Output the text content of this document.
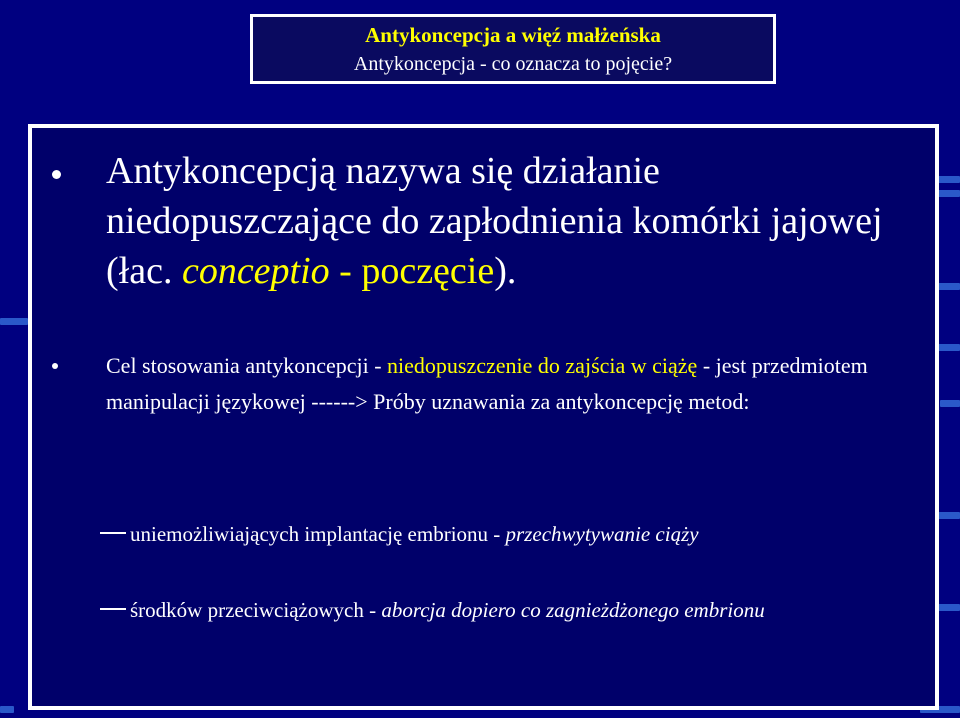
Antykoncepcja a więź małżeńska
Antykoncepcja - co oznacza to pojęcie?
Antykoncepcją nazywa się działanie niedopuszczające do zapłodnienia komórki jajowej (łac. conceptio - poczęcie).
Cel stosowania antykoncepcji - niedopuszczenie do zajścia w ciążę - jest przedmiotem manipulacji językowej ------> Próby uznawania za antykoncepcję metod:
uniemożliwiających implantację embrionu - przechwytywanie ciąży
środków przeciwciążowych - aborcja dopiero co zagnieżdżonego embrionu
